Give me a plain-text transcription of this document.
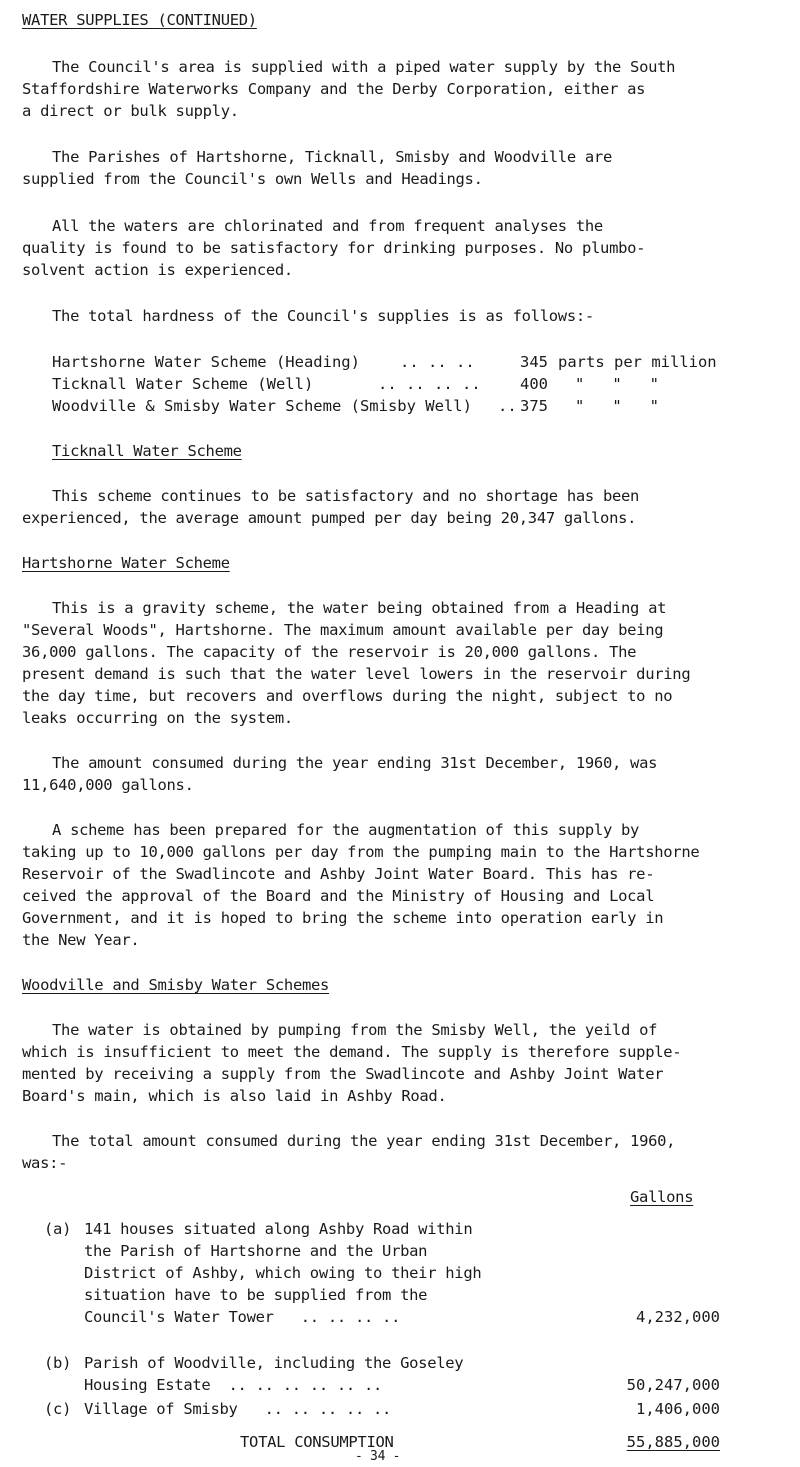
WATER SUPPLIES (CONTINUED)
The Council's area is supplied with a piped water supply by the South
Staffordshire Waterworks Company and the Derby Corporation, either as
a direct or bulk supply.
The Parishes of Hartshorne, Ticknall, Smisby and Woodville are
supplied from the Council's own Wells and Headings.
All the waters are chlorinated and from frequent analyses the
quality is found to be satisfactory for drinking purposes. No plumbo-
solvent action is experienced.
The total hardness of the Council's supplies is as follows:-
Hartshorne Water Scheme (Heading)	.. .. ..	345 parts per million
Ticknall Water Scheme (Well)	.. .. .. ..	400 "   "   "
Woodville & Smisby Water Scheme (Smisby Well) .. 375 "   "   "
Ticknall Water Scheme
This scheme continues to be satisfactory and no shortage has been
experienced, the average amount pumped per day being 20,347 gallons.
Hartshorne Water Scheme
This is a gravity scheme, the water being obtained from a Heading at
"Several Woods", Hartshorne. The maximum amount available per day being
36,000 gallons. The capacity of the reservoir is 20,000 gallons. The
present demand is such that the water level lowers in the reservoir during
the day time, but recovers and overflows during the night, subject to no
leaks occurring on the system.
The amount consumed during the year ending 31st December, 1960, was
11,640,000 gallons.
A scheme has been prepared for the augmentation of this supply by
taking up to 10,000 gallons per day from the pumping main to the Hartshorne
Reservoir of the Swadlincote and Ashby Joint Water Board. This has re-
ceived the approval of the Board and the Ministry of Housing and Local
Government, and it is hoped to bring the scheme into operation early in
the New Year.
Woodville and Smisby Water Schemes
The water is obtained by pumping from the Smisby Well, the yeild of
which is insufficient to meet the demand. The supply is therefore supple-
mented by receiving a supply from the Swadlincote and Ashby Joint Water
Board's main, which is also laid in Ashby Road.
The total amount consumed during the year ending 31st December, 1960,
was:-
Gallons
(a) 141 houses situated along Ashby Road within
the Parish of Hartshorne and the Urban
District of Ashby, which owing to their high
situation have to be supplied from the
Council's Water Tower   .. .. .. ..	4,232,000
(b) Parish of Woodville, including the Goseley
Housing Estate  .. .. .. .. .. ..	50,247,000
(c) Village of Smisby   .. .. .. .. ..	1,406,000
TOTAL CONSUMPTION	55,885,000
- 34 -
